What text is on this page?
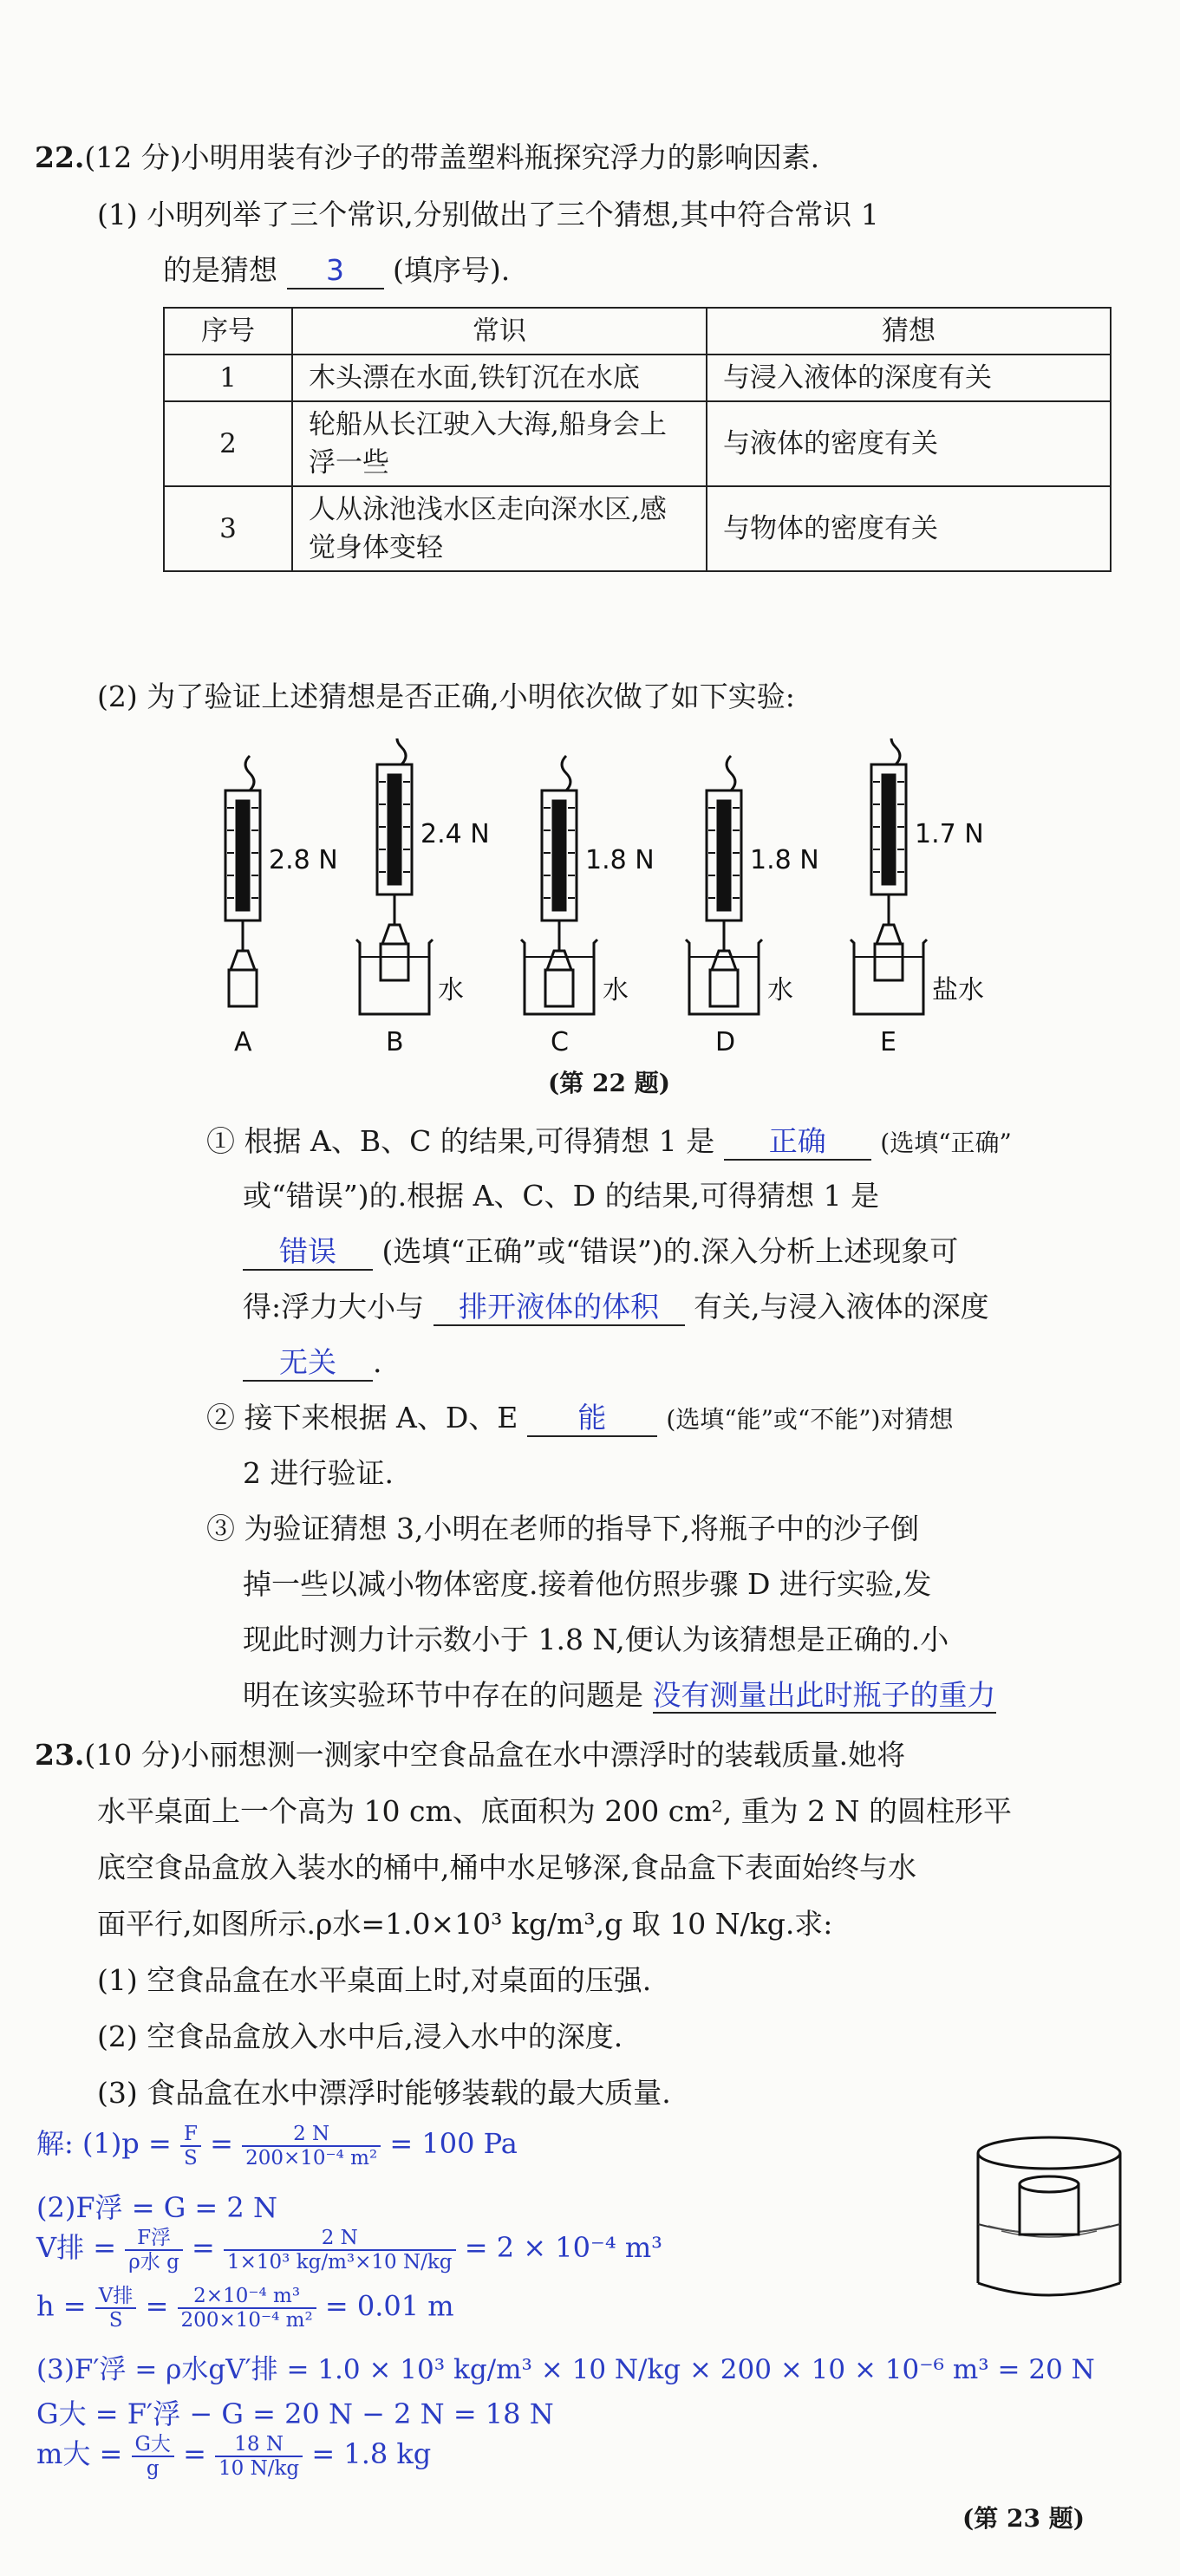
22.(12 分)小明用装有沙子的带盖塑料瓶探究浮力的影响因素.
(1) 小明列举了三个常识,分别做出了三个猜想,其中符合常识 1
的是猜想 3 (填序号).
序号	常识	猜想
1	木头漂在水面,铁钉沉在水底	与浸入液体的深度有关
2	轮船从长江驶入大海,船身会上浮一些	与液体的密度有关
3	人从泳池浅水区走向深水区,感觉身体变轻	与物体的密度有关
(2) 为了验证上述猜想是否正确,小明依次做了如下实验:
2.8 N
A
2.4 N
B
水
1.8 N
C
水
1.8 N
D
水
1.7 N
E
盐水
(第 22 题)
① 根据 A、B、C 的结果,可得猜想 1 是 正确 (选填“正确”
或“错误”)的.根据 A、C、D 的结果,可得猜想 1 是
错误 (选填“正确”或“错误”)的.深入分析上述现象可
得:浮力大小与 排开液体的体积 有关,与浸入液体的深度
无关 .
② 接下来根据 A、D、E 能 (选填“能”或“不能”)对猜想
2 进行验证.
③ 为验证猜想 3,小明在老师的指导下,将瓶子中的沙子倒
掉一些以减小物体密度.接着他仿照步骤 D 进行实验,发
现此时测力计示数小于 1.8 N,便认为该猜想是正确的.小
明在该实验环节中存在的问题是 没有测量出此时瓶子的重力
23.(10 分)小丽想测一测家中空食品盒在水中漂浮时的装载质量.她将
水平桌面上一个高为 10 cm、底面积为 200 cm², 重为 2 N 的圆柱形平
底空食品盒放入装水的桶中,桶中水足够深,食品盒下表面始终与水
面平行,如图所示.ρ水=1.0×10³ kg/m³,g 取 10 N/kg.求:
(1) 空食品盒在水平桌面上时,对桌面的压强.
(2) 空食品盒放入水中后,浸入水中的深度.
(3) 食品盒在水中漂浮时能够装载的最大质量.
解: $(1)p = \frac{F}{S} = \frac{2 N}{\text{200×10⁻⁴ m²}} = 100$ Pa
(2)F浮 = G = 2 N
V排 = $\frac{\text{F浮}}{\text{ρ水 g}} = \frac{2 N}{\text{1×10³ kg/m³×10 N/kg}} = 2 \times 10^{-4}$ m³
$h = \frac{\text{V排}}{S} = \frac{\text{2×10⁻⁴ m³}}{\text{200×10⁻⁴ m²}} = 0.01$ m
(3)F′浮 = ρ水gV′排 = 1.0 × 10³ kg/m³ × 10 N/kg × 200 × 10 × 10⁻⁶ m³ = 20 N
G大 = F′浮 − G = 20 N − 2 N = 18 N
m大 = $\frac{\text{G大}}{g} = \frac{18 N}{10 N/kg} = 1.8$ kg
(第 23 题)
